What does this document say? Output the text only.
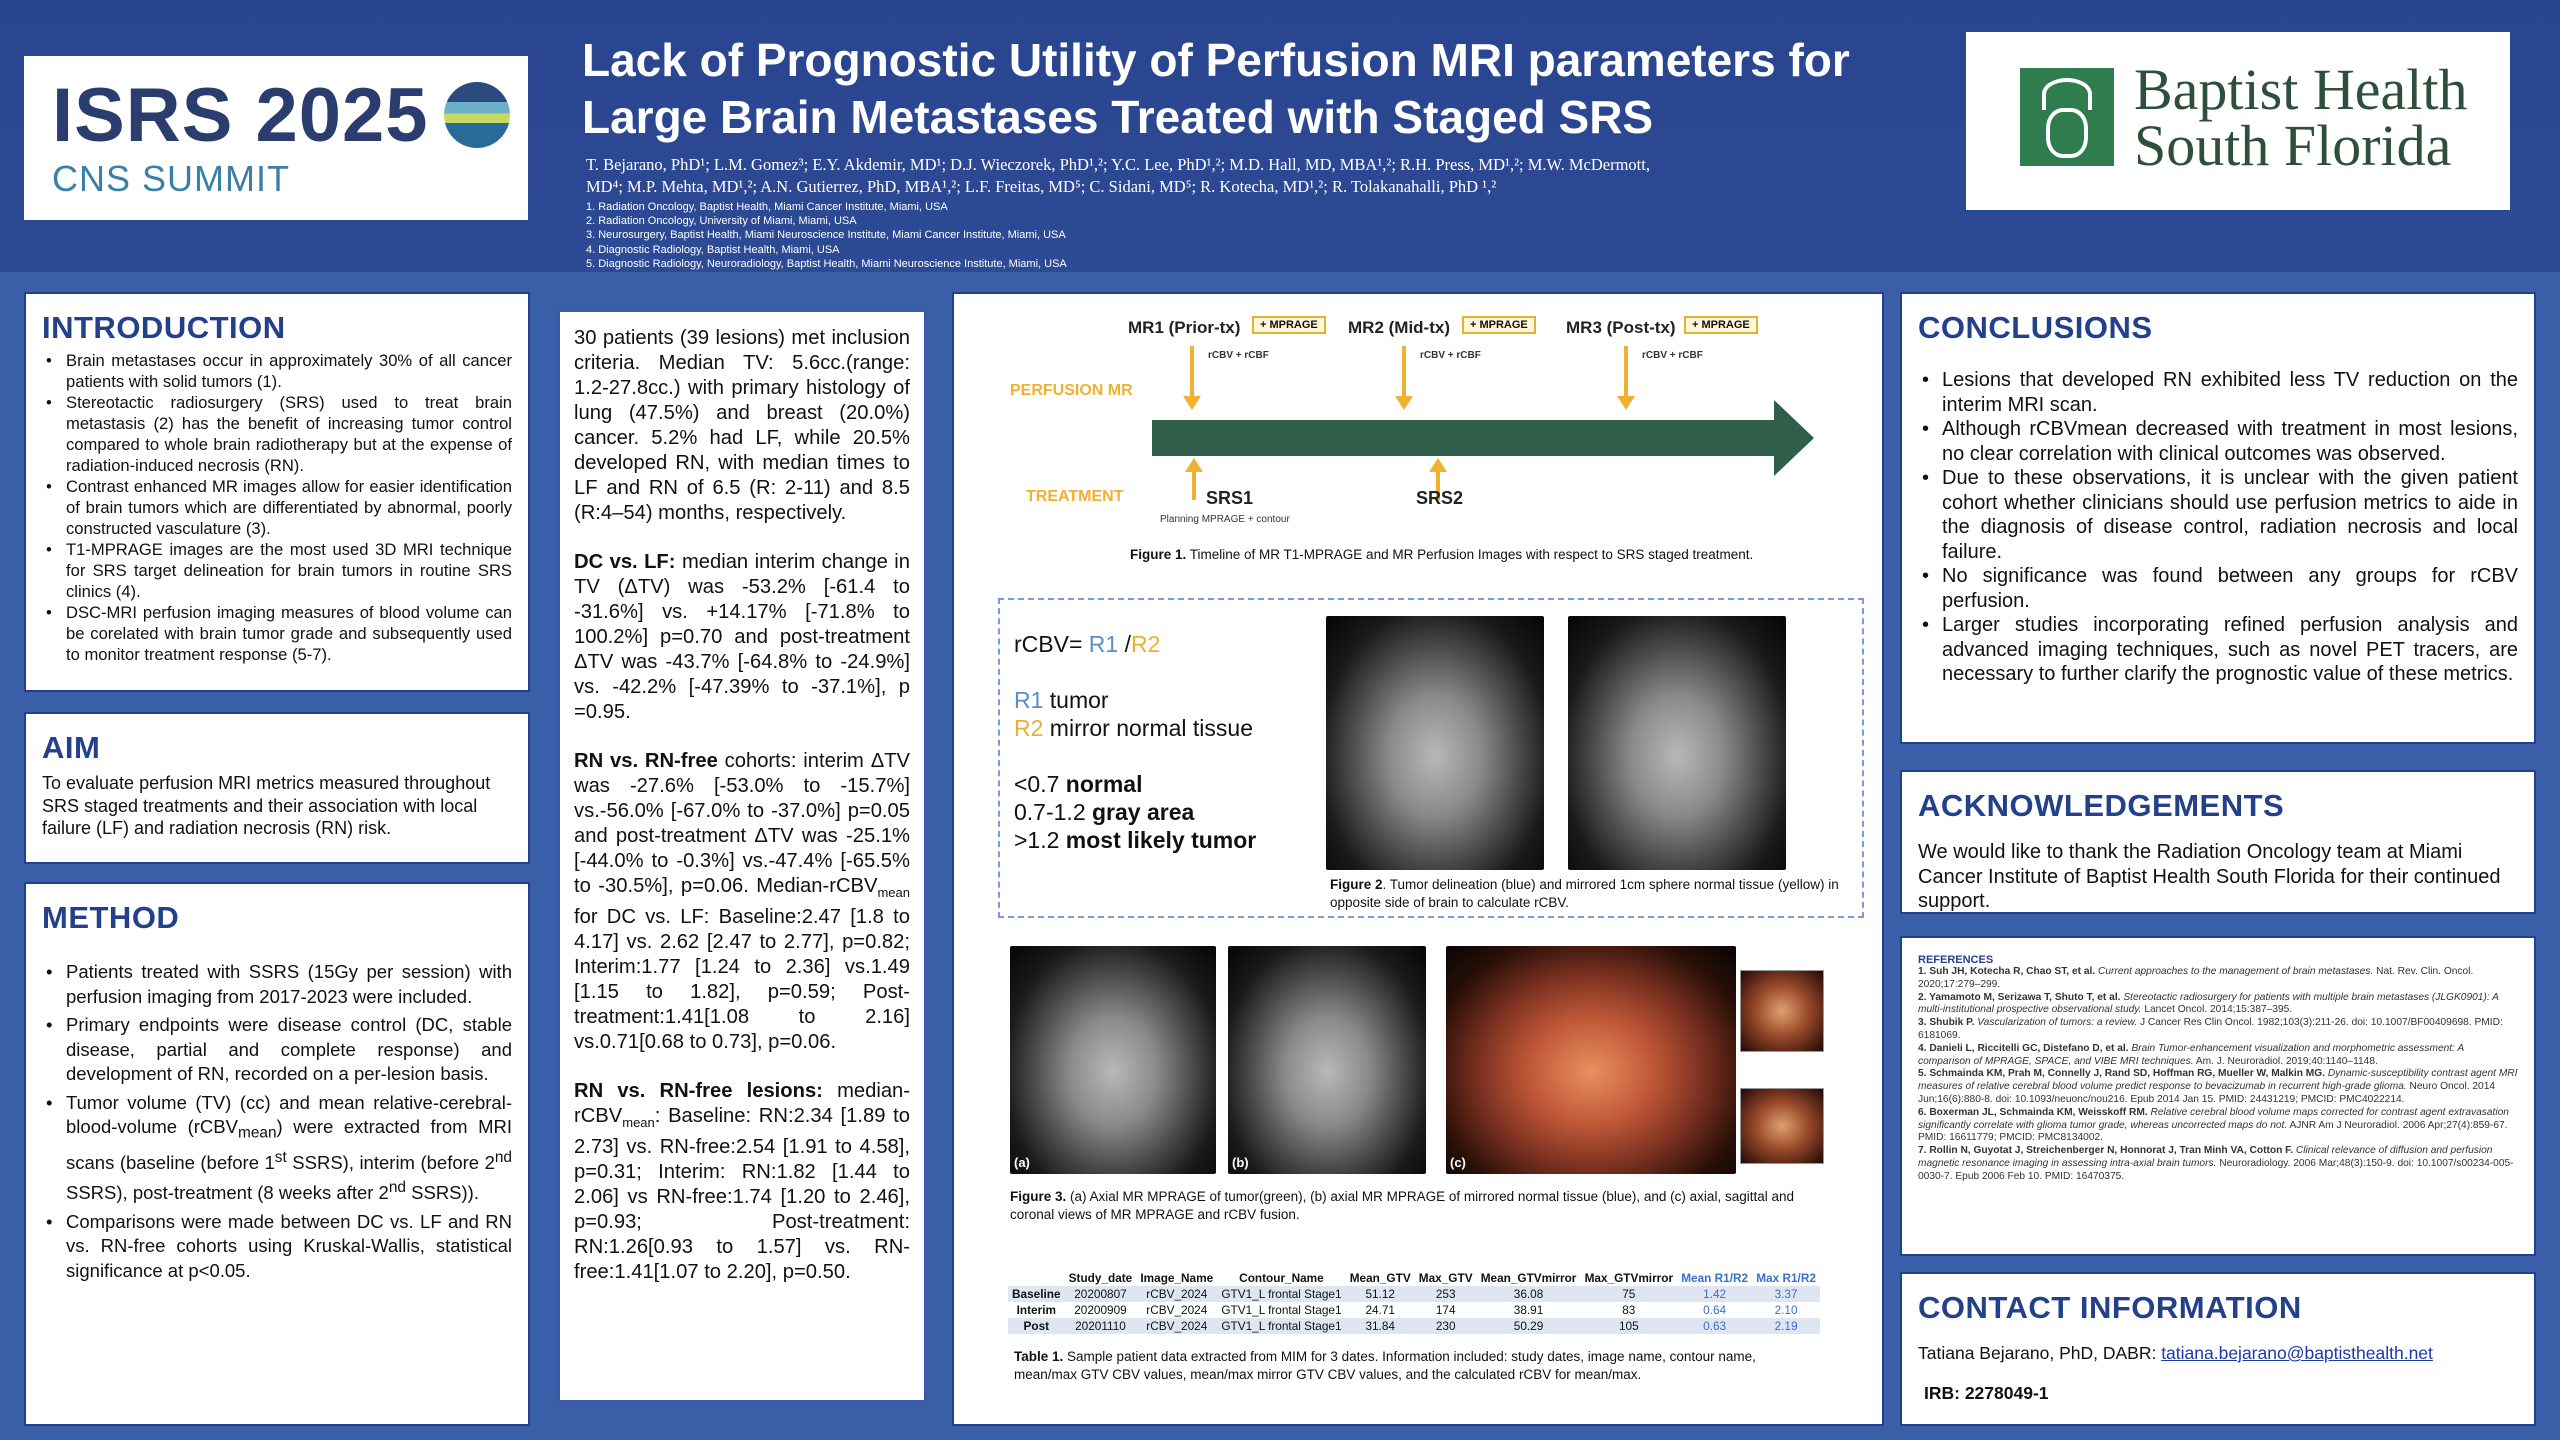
ISRS 2025
CNS SUMMIT
Lack of Prognostic Utility of Perfusion MRI parameters for
Large Brain Metastases Treated with Staged SRS
T. Bejarano, PhD¹; L.M. Gomez³; E.Y. Akdemir, MD¹; D.J. Wieczorek, PhD¹,²; Y.C. Lee, PhD¹,²; M.D. Hall, MD, MBA¹,²; R.H. Press, MD¹,²; M.W. McDermott,
MD⁴; M.P. Mehta, MD¹,²; A.N. Gutierrez, PhD, MBA¹,²; L.F. Freitas, MD⁵; C. Sidani, MD⁵; R. Kotecha, MD¹,²; R. Tolakanahalli, PhD ¹,²
1. Radiation Oncology, Baptist Health, Miami Cancer Institute, Miami, USA
2. Radiation Oncology, University of Miami, Miami, USA
3. Neurosurgery, Baptist Health, Miami Neuroscience Institute, Miami Cancer Institute, Miami, USA
4. Diagnostic Radiology, Baptist Health, Miami, USA
5. Diagnostic Radiology, Neuroradiology, Baptist Health, Miami Neuroscience Institute, Miami, USA
Baptist Health
South Florida
INTRODUCTION
• Brain metastases occur in approximately 30% of all cancer patients with solid tumors (1).
• Stereotactic radiosurgery (SRS) used to treat brain metastasis (2) has the benefit of increasing tumor control compared to whole brain radiotherapy but at the expense of radiation-induced necrosis (RN).
• Contrast enhanced MR images allow for easier identification of brain tumors which are differentiated by abnormal, poorly constructed vasculature (3).
• T1-MPRAGE images are the most used 3D MRI technique for SRS target delineation for brain tumors in routine SRS clinics (4).
• DSC-MRI perfusion imaging measures of blood volume can be corelated with brain tumor grade and subsequently used to monitor treatment response (5-7).
AIM

To evaluate perfusion MRI metrics measured throughout SRS staged treatments and their association with local failure (LF) and radiation necrosis (RN) risk.

METHOD
• Patients treated with SSRS (15Gy per session) with perfusion imaging from 2017-2023 were included.
• Primary endpoints were disease control (DC, stable disease, partial and complete response) and development of RN, recorded on a per-lesion basis.
• Tumor volume (TV) (cc) and mean relative-cerebral-blood-volume (rCBV$_{mean}$) were extracted from MRI scans (baseline (before 1st SSRS), interim (before 2nd SSRS), post-treatment (8 weeks after 2nd SSRS)).
• Comparisons were made between DC vs. LF and RN vs. RN-free cohorts using Kruskal-Wallis, statistical significance at p<0.05.

30 patients (39 lesions) met inclusion criteria. Median TV: 5.6cc.(range: 1.2-27.8cc.) with primary histology of lung (47.5%) and breast (20.0%) cancer. 5.2% had LF, while 20.5% developed RN, with median times to LF and RN of 6.5 (R: 2-11) and 8.5 (R:4–54) months, respectively.

DC vs. LF: median interim change in TV (ΔTV) was -53.2% [-61.4 to -31.6%] vs. +14.17% [-71.8% to 100.2%] p=0.70 and post-treatment ΔTV was -43.7% [-64.8% to -24.9%] vs. -42.2% [-47.39% to -37.1%], p =0.95.

RN vs. RN-free cohorts: interim ΔTV was -27.6% [-53.0% to -15.7%] vs.-56.0% [-67.0% to -37.0%] p=0.05 and post-treatment ΔTV was -25.1% [-44.0% to -0.3%] vs.-47.4% [-65.5% to -30.5%], p=0.06. Median-rCBV$_{mean}$ for DC vs. LF: Baseline:2.47 [1.8 to 4.17] vs. 2.62 [2.47 to 2.77], p=0.82; Interim:1.77 [1.24 to 2.36] vs.1.49 [1.15 to 1.82], p=0.59; Post-treatment:1.41[1.08 to 2.16] vs.0.71[0.68 to 0.73], p=0.06.

RN vs. RN-free lesions: median-rCBV$_{mean}$: Baseline: RN:2.34 [1.89 to 2.73] vs. RN-free:2.54 [1.91 to 4.58], p=0.31; Interim: RN:1.82 [1.44 to 2.06] vs RN-free:1.74 [1.20 to 2.46], p=0.93; Post-treatment: RN:1.26[0.93 to 1.57] vs. RN-free:1.41[1.07 to 2.20], p=0.50.

MR1 (Prior-tx)	+ MPRAGE	MR2 (Mid-tx)	+ MPRAGE	MR3 (Post-tx)	+ MPRAGE
rCBV + rCBF	rCBV + rCBF	rCBV + rCBF
PERFUSION MR
TREATMENT	SRS1	SRS2
Planning MPRAGE + contour
Figure 1. Timeline of MR T1-MPRAGE and MR Perfusion Images with respect to SRS staged treatment.
rCBV= R1 /R2
R1 tumor
R2 mirror normal tissue
<0.7 normal
0.7-1.2 gray area
>1.2 most likely tumor
Figure 2. Tumor delineation (blue) and mirrored 1cm sphere normal tissue (yellow) in opposite side of brain to calculate rCBV.
(a)	(b)	(c)
Figure 3. (a) Axial MR MPRAGE of tumor(green), (b) axial MR MPRAGE of mirrored normal tissue (blue), and (c) axial, sagittal and coronal views of MR MPRAGE and rCBV fusion.
	Study_date	Image_Name	Contour_Name	Mean_GTV	Max_GTV	Mean_GTVmirror	Max_GTVmirror	Mean R1/R2	Max R1/R2
Baseline	20200807	rCBV_2024	GTV1_L frontal Stage1	51.12	253	36.08	75	1.42	3.37
Interim	20200909	rCBV_2024	GTV1_L frontal Stage1	24.71	174	38.91	83	0.64	2.10
Post	20201110	rCBV_2024	GTV1_L frontal Stage1	31.84	230	50.29	105	0.63	2.19
Table 1. Sample patient data extracted from MIM for 3 dates. Information included: study dates, image name, contour name, mean/max GTV CBV values, mean/max mirror GTV CBV values, and the calculated rCBV for mean/max.
CONCLUSIONS
• Lesions that developed RN exhibited less TV reduction on the interim MRI scan.
• Although rCBVmean decreased with treatment in most lesions, no clear correlation with clinical outcomes was observed.
• Due to these observations, it is unclear with the given patient cohort whether clinicians should use perfusion metrics to aide in the diagnosis of disease control, radiation necrosis and local failure.
• No significance was found between any groups for rCBV perfusion.
• Larger studies incorporating refined perfusion analysis and advanced imaging techniques, such as novel PET tracers, are necessary to further clarify the prognostic value of these metrics.
ACKNOWLEDGEMENTS

We would like to thank the Radiation Oncology team at Miami Cancer Institute of Baptist Health South Florida for their continued support.

REFERENCES
1. Suh JH, Kotecha R, Chao ST, et al. Current approaches to the management of brain metastases. Nat. Rev. Clin. Oncol. 2020;17:279–299.
2. Yamamoto M, Serizawa T, Shuto T, et al. Stereotactic radiosurgery for patients with multiple brain metastases (JLGK0901): A multi-institutional prospective observational study. Lancet Oncol. 2014;15:387–395.
3. Shubik P. Vascularization of tumors: a review. J Cancer Res Clin Oncol. 1982;103(3):211-26. doi: 10.1007/BF00409698. PMID: 6181069.
4. Danieli L, Riccitelli GC, Distefano D, et al. Brain Tumor-enhancement visualization and morphometric assessment: A comparison of MPRAGE, SPACE, and VIBE MRI techniques. Am. J. Neuroradiol. 2019;40:1140–1148.
5. Schmainda KM, Prah M, Connelly J, Rand SD, Hoffman RG, Mueller W, Malkin MG. Dynamic-susceptibility contrast agent MRI measures of relative cerebral blood volume predict response to bevacizumab in recurrent high-grade glioma. Neuro Oncol. 2014 Jun;16(6):880-8. doi: 10.1093/neuonc/nou216. Epub 2014 Jan 15. PMID: 24431219; PMCID: PMC4022214.
6. Boxerman JL, Schmainda KM, Weisskoff RM. Relative cerebral blood volume maps corrected for contrast agent extravasation significantly correlate with glioma tumor grade, whereas uncorrected maps do not. AJNR Am J Neuroradiol. 2006 Apr;27(4):859-67. PMID: 16611779; PMCID: PMC8134002.
7. Rollin N, Guyotat J, Streichenberger N, Honnorat J, Tran Minh VA, Cotton F. Clinical relevance of diffusion and perfusion magnetic resonance imaging in assessing intra-axial brain tumors. Neuroradiology. 2006 Mar;48(3):150-9. doi: 10.1007/s00234-005-0030-7. Epub 2006 Feb 10. PMID: 16470375.
CONTACT INFORMATION

Tatiana Bejarano, PhD, DABR: tatiana.bejarano@baptisthealth.net

IRB: 2278049-1
